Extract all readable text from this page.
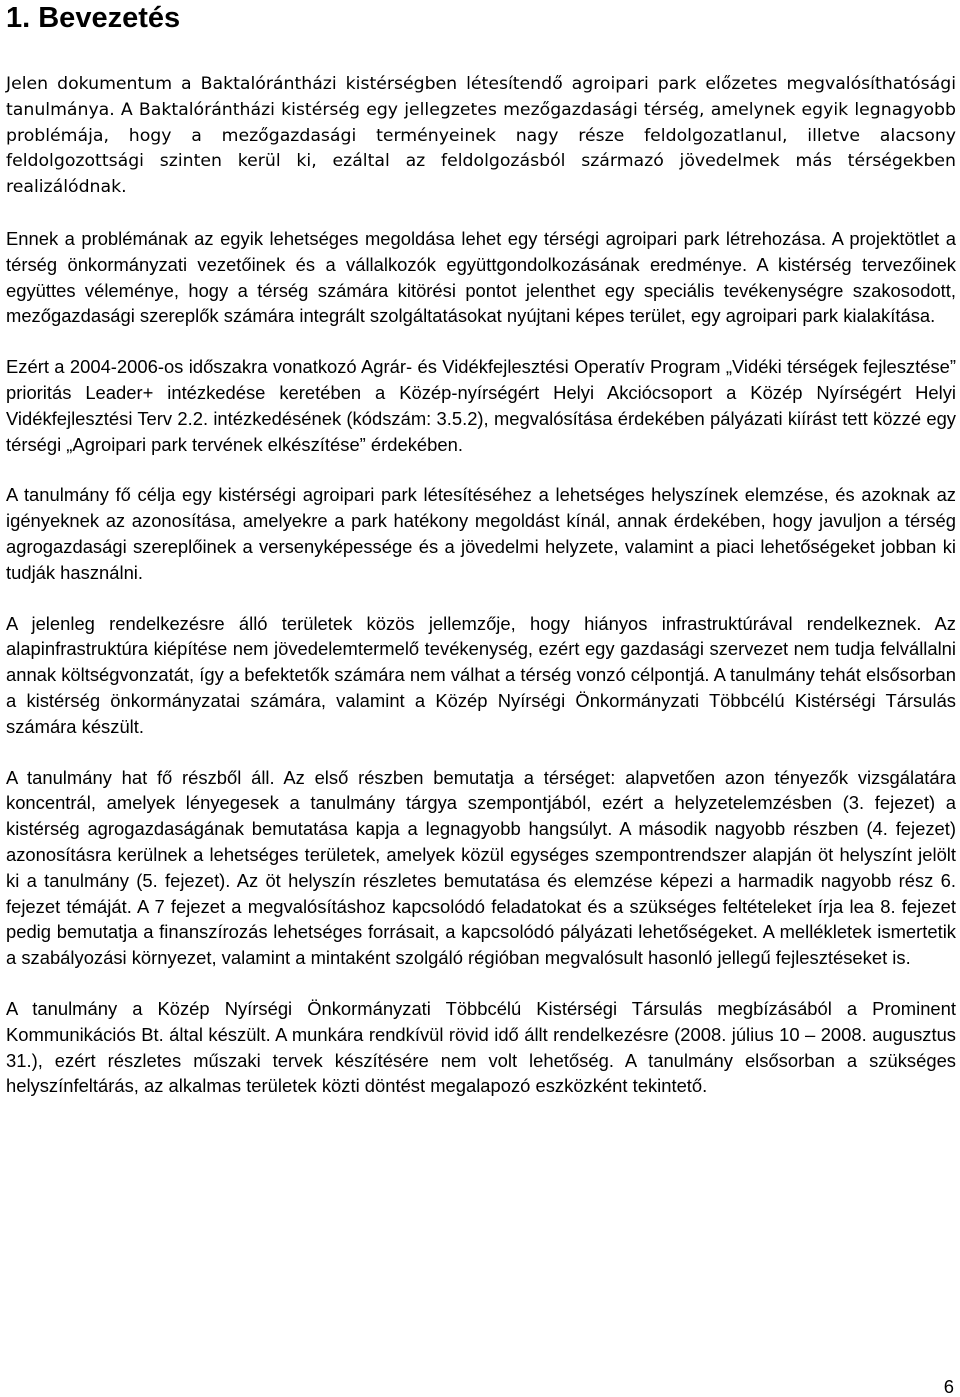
1. Bevezetés

Jelen dokumentum a Baktalórántházi kistérségben létesítendő agroipari park előzetes megvalósíthatósági tanulmánya. A Baktalórántházi kistérség egy jellegzetes mezőgazdasági térség, amelynek egyik legnagyobb problémája, hogy a mezőgazdasági terményeinek nagy része feldolgozatlanul, illetve alacsony feldolgozottsági szinten kerül ki, ezáltal az feldolgozásból származó jövedelmek más térségekben realizálódnak.

Ennek a problémának az egyik lehetséges megoldása lehet egy térségi agroipari park létrehozása. A projektötlet a térség önkormányzati vezetőinek és a vállalkozók együttgondolkozásának eredménye. A kistérség tervezőinek együttes véleménye, hogy a térség számára kitörési pontot jelenthet egy speciális tevékenységre szakosodott, mezőgazdasági szereplők számára integrált szolgáltatásokat nyújtani képes terület, egy agroipari park kialakítása.

Ezért a 2004-2006-os időszakra vonatkozó Agrár- és Vidékfejlesztési Operatív Program „Vidéki térségek fejlesztése” prioritás Leader+ intézkedése keretében a Közép-nyírségért Helyi Akciócsoport a Közép Nyírségért Helyi Vidékfejlesztési Terv 2.2. intézkedésének (kódszám: 3.5.2), megvalósítása érdekében pályázati kiírást tett közzé egy térségi „Agroipari park tervének elkészítése” érdekében.

A tanulmány fő célja egy kistérségi agroipari park létesítéséhez a lehetséges helyszínek elemzése, és azoknak az igényeknek az azonosítása, amelyekre a park hatékony megoldást kínál, annak érdekében, hogy javuljon a térség agrogazdasági szereplőinek a versenyképessége és a jövedelmi helyzete, valamint a piaci lehetőségeket jobban ki tudják használni.

A jelenleg rendelkezésre álló területek közös jellemzője, hogy hiányos infrastruktúrával rendelkeznek. Az alapinfrastruktúra kiépítése nem jövedelemtermelő tevékenység, ezért egy gazdasági szervezet nem tudja felvállalni annak költségvonzatát, így a befektetők számára nem válhat a térség vonzó célpontjá. A tanulmány tehát elsősorban a kistérség önkormányzatai számára, valamint a Közép Nyírségi Önkormányzati Többcélú Kistérségi Társulás számára készült.

A tanulmány hat fő részből áll. Az első részben bemutatja a térséget: alapvetően azon tényezők vizsgálatára koncentrál, amelyek lényegesek a tanulmány tárgya szempontjából, ezért a helyzetelemzésben (3. fejezet) a kistérség agrogazdaságának bemutatása kapja a legnagyobb hangsúlyt. A második nagyobb részben (4. fejezet) azonosításra kerülnek a lehetséges területek, amelyek közül egységes szempontrendszer alapján öt helyszínt jelölt ki a tanulmány (5. fejezet). Az öt helyszín részletes bemutatása és elemzése képezi a harmadik nagyobb rész 6. fejezet témáját. A 7 fejezet a megvalósításhoz kapcsolódó feladatokat és a szükséges feltételeket írja lea 8. fejezet pedig bemutatja a finanszírozás lehetséges forrásait, a kapcsolódó pályázati lehetőségeket. A mellékletek ismertetik a szabályozási környezet, valamint a mintaként szolgáló régióban megvalósult hasonló jellegű fejlesztéseket is.

A tanulmány a Közép Nyírségi Önkormányzati Többcélú Kistérségi Társulás megbízásából a Prominent Kommunikációs Bt. által készült. A munkára rendkívül rövid idő állt rendelkezésre (2008. július 10 – 2008. augusztus 31.), ezért részletes műszaki tervek készítésére nem volt lehetőség. A tanulmány elsősorban a szükséges helyszínfeltárás, az alkalmas területek közti döntést megalapozó eszközként tekintető.

6
